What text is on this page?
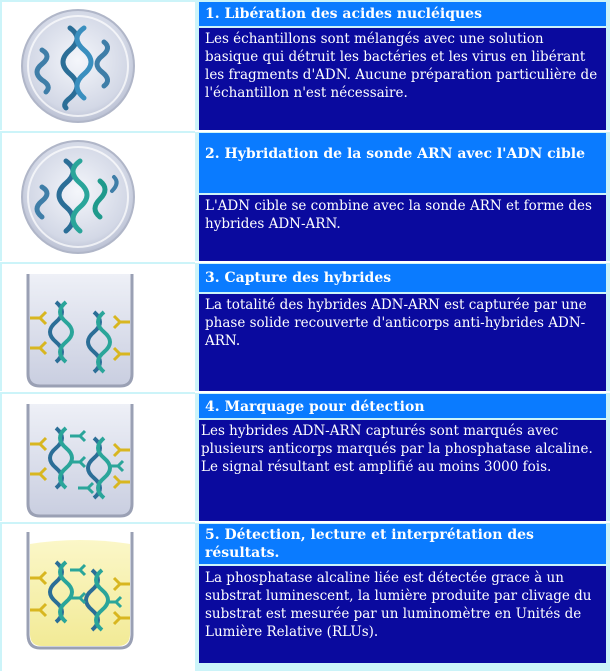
1. Libération des acides nucléiques
Les échantillons sont mélangés avec une solution basique qui détruit les bactéries et les virus en libérant les fragments d'ADN. Aucune préparation particulière de l'échantillon n'est nécessaire.
2. Hybridation de la sonde ARN avec l'ADN cible
L'ADN cible se combine avec la sonde ARN et forme des hybrides ADN-ARN.
3. Capture des hybrides
La totalité des hybrides ADN-ARN est capturée par une phase solide recouverte d'anticorps anti-hybrides ADN-ARN.
4. Marquage pour détection
Les hybrides ADN-ARN capturés sont marqués avec plusieurs anticorps marqués par la phosphatase alcaline. Le signal résultant est amplifié au moins 3000 fois.
5. Détection, lecture et interprétation des résultats.
La phosphatase alcaline liée est détectée grace à un substrat luminescent, la lumière produite par clivage du substrat est mesurée par un luminomètre en Unités de Lumière Relative (RLUs).
